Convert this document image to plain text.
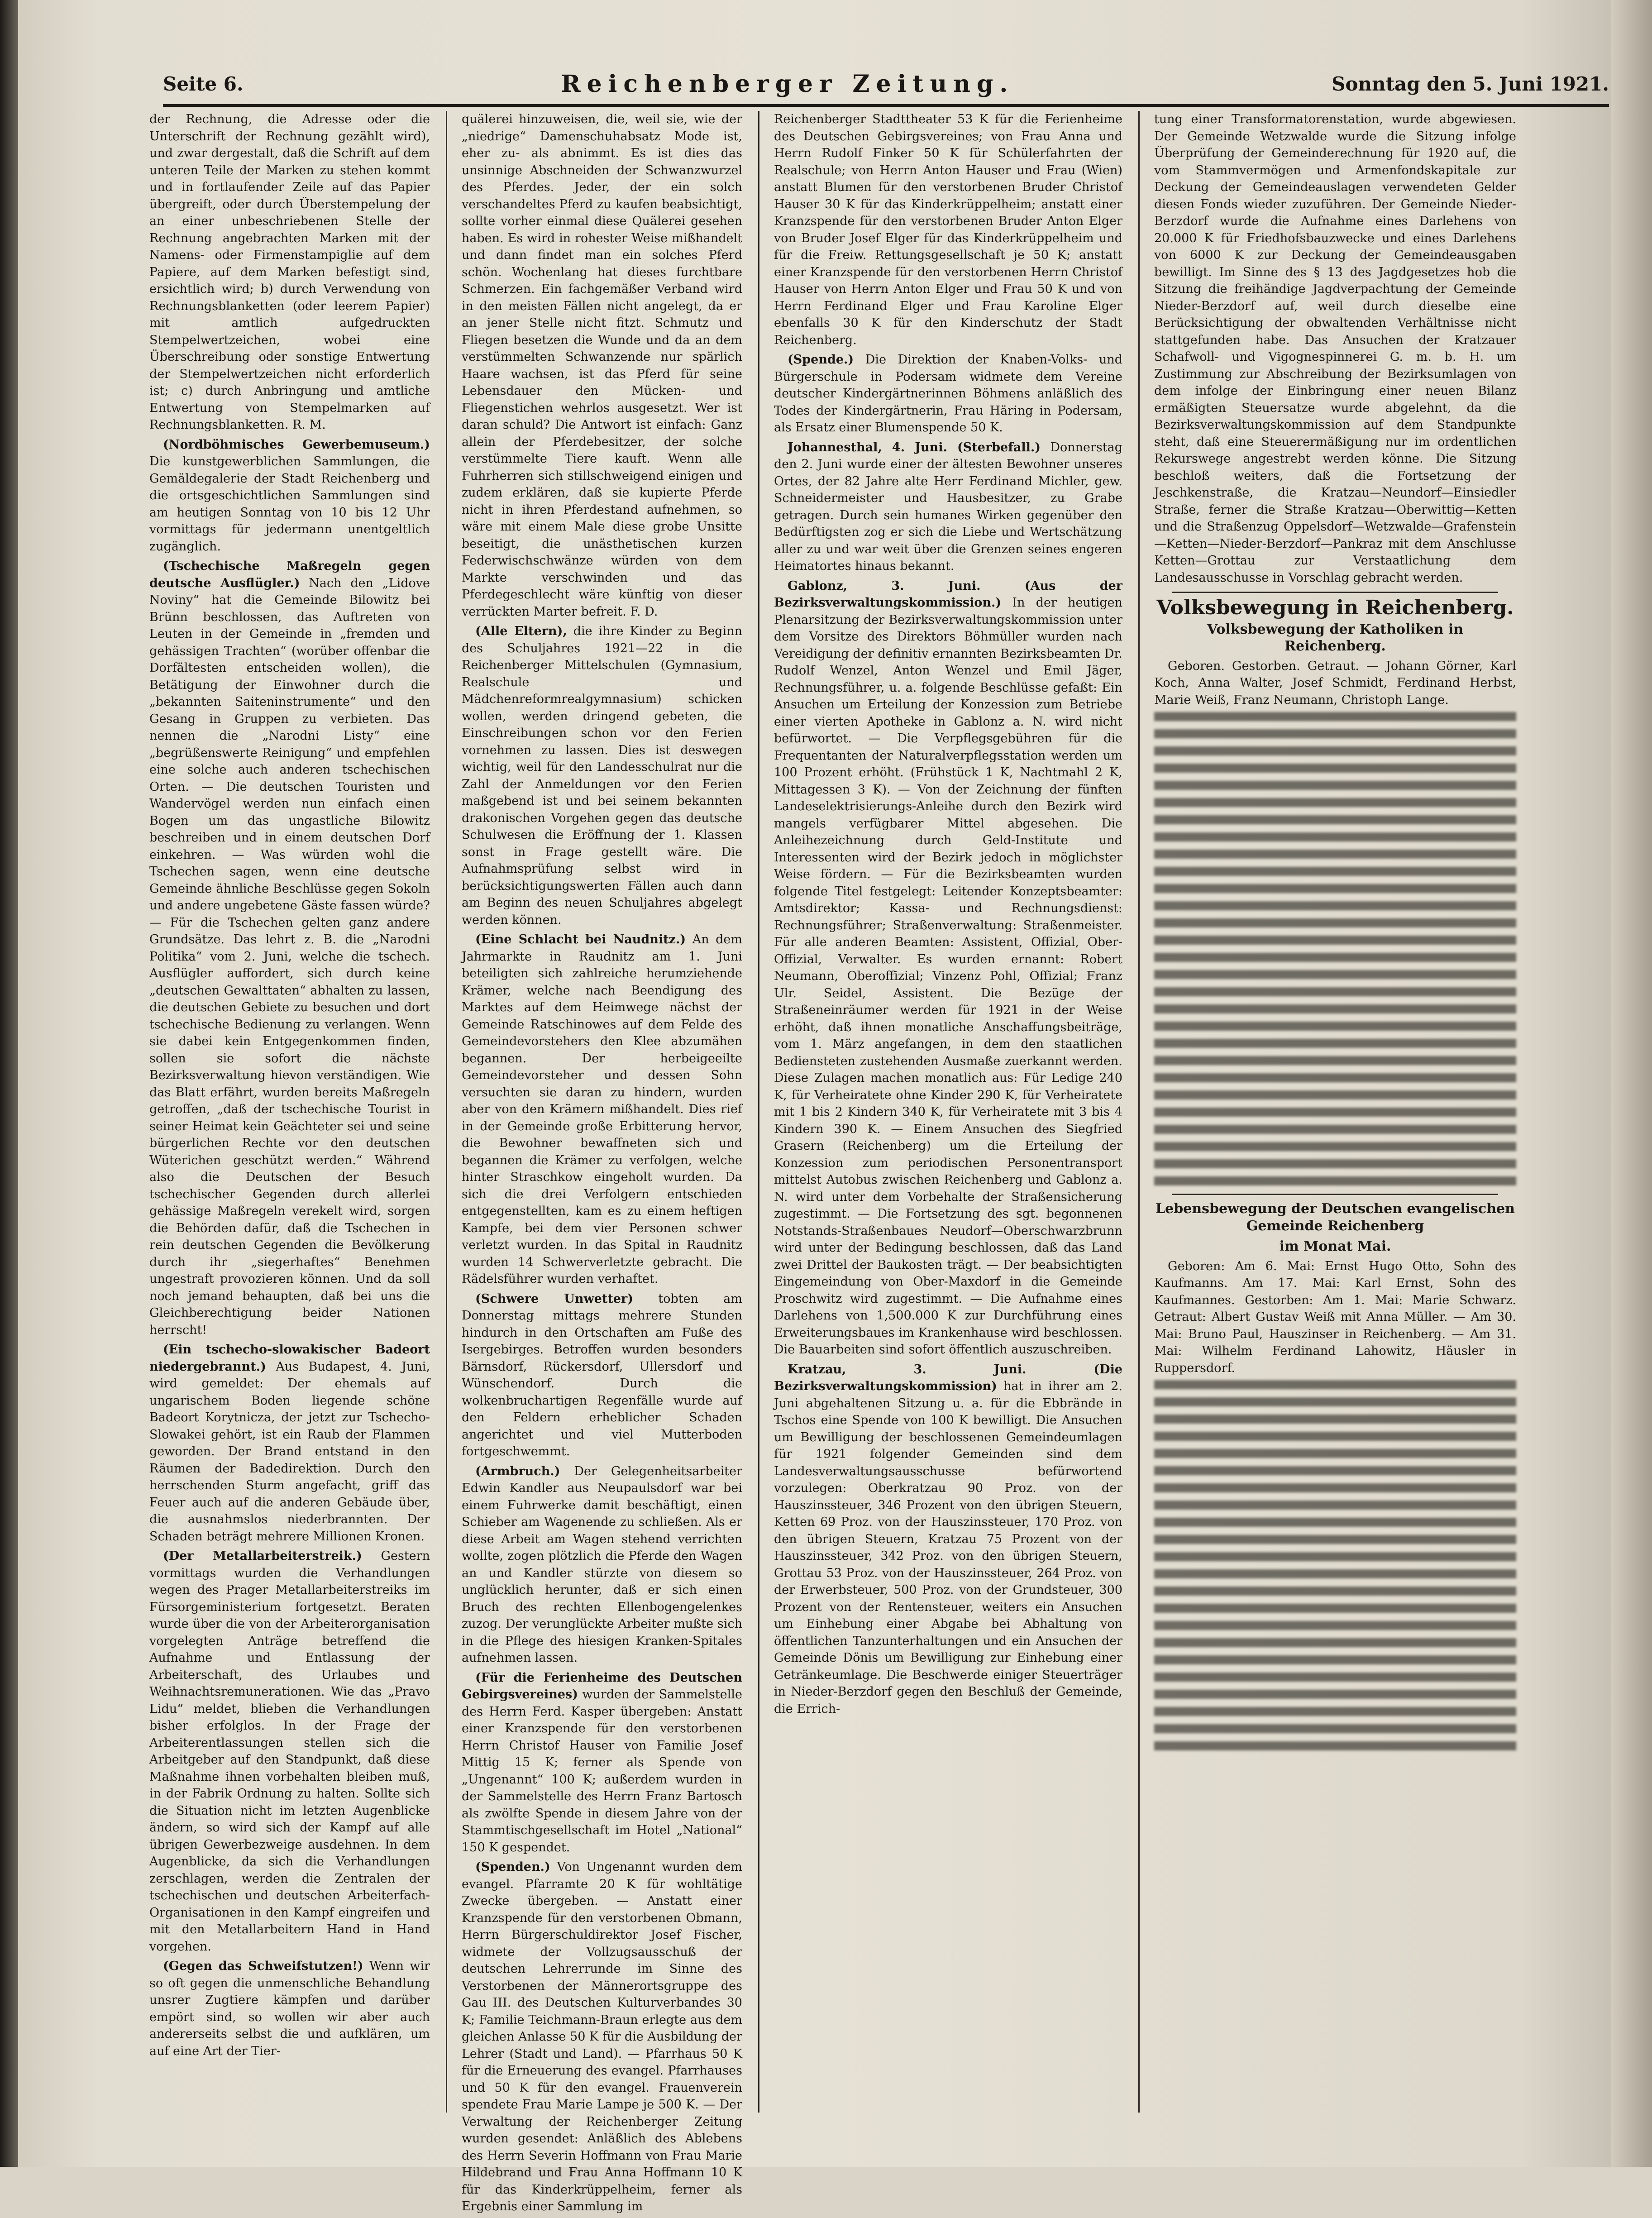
Seite 6.	Reichenberger Zeitung.	Sonntag den 5. Juni 1921.

der Rechnung, die Adresse oder die Unterschrift der Rechnung gezählt wird), und zwar dergestalt, daß die Schrift auf dem unteren Teile der Marken zu stehen kommt und in fortlaufender Zeile auf das Papier übergreift, oder durch Überstempelung der an einer unbeschriebenen Stelle der Rechnung angebrachten Marken mit der Namens- oder Firmenstampiglie auf dem Papiere, auf dem Marken befestigt sind, ersichtlich wird; b) durch Verwendung von Rechnungsblanketten (oder leerem Papier) mit amtlich aufgedruckten Stempelwertzeichen, wobei eine Überschreibung oder sonstige Entwertung der Stempelwertzeichen nicht erforderlich ist; c) durch Anbringung und amtliche Entwertung von Stempelmarken auf Rechnungsblanketten. R. M.

(Nordböhmisches Gewerbemuseum.) Die kunstgewerblichen Sammlungen, die Gemäldegalerie der Stadt Reichenberg und die ortsgeschichtlichen Sammlungen sind am heutigen Sonntag von 10 bis 12 Uhr vormittags für jedermann unentgeltlich zugänglich.

(Tschechische Maßregeln gegen deutsche Ausflügler.) Nach den „Lidove Noviny“ hat die Gemeinde Bilowitz bei Brünn beschlossen, das Auftreten von Leuten in der Gemeinde in „fremden und gehässigen Trachten“ (worüber offenbar die Dorfältesten entscheiden wollen), die Betätigung der Einwohner durch die „bekannten Saiteninstrumente“ und den Gesang in Gruppen zu verbieten. Das nennen die „Narodni Listy“ eine „begrüßenswerte Reinigung“ und empfehlen eine solche auch anderen tschechischen Orten. — Die deutschen Touristen und Wandervögel werden nun einfach einen Bogen um das ungastliche Bilowitz beschreiben und in einem deutschen Dorf einkehren. — Was würden wohl die Tschechen sagen, wenn eine deutsche Gemeinde ähnliche Beschlüsse gegen Sokoln und andere ungebetene Gäste fassen würde? — Für die Tschechen gelten ganz andere Grundsätze. Das lehrt z. B. die „Narodni Politika“ vom 2. Juni, welche die tschech. Ausflügler auffordert, sich durch keine „deutschen Gewalttaten“ abhalten zu lassen, die deutschen Gebiete zu besuchen und dort tschechische Bedienung zu verlangen. Wenn sie dabei kein Entgegenkommen finden, sollen sie sofort die nächste Bezirksverwaltung hievon verständigen. Wie das Blatt erfährt, wurden bereits Maßregeln getroffen, „daß der tschechische Tourist in seiner Heimat kein Geächteter sei und seine bürgerlichen Rechte vor den deutschen Wüterichen geschützt werden.“ Während also die Deutschen der Besuch tschechischer Gegenden durch allerlei gehässige Maßregeln verekelt wird, sorgen die Behörden dafür, daß die Tschechen in rein deutschen Gegenden die Bevölkerung durch ihr „siegerhaftes“ Benehmen ungestraft provozieren können. Und da soll noch jemand behaupten, daß bei uns die Gleichberechtigung beider Nationen herrscht!

(Ein tschecho-slowakischer Badeort niedergebrannt.) Aus Budapest, 4. Juni, wird gemeldet: Der ehemals auf ungarischem Boden liegende schöne Badeort Korytnicza, der jetzt zur Tschecho-Slowakei gehört, ist ein Raub der Flammen geworden. Der Brand entstand in den Räumen der Badedirektion. Durch den herrschenden Sturm angefacht, griff das Feuer auch auf die anderen Gebäude über, die ausnahmslos niederbrannten. Der Schaden beträgt mehrere Millionen Kronen.

(Der Metallarbeiterstreik.) Gestern vormittags wurden die Verhandlungen wegen des Prager Metallarbeiterstreiks im Fürsorgeministerium fortgesetzt. Beraten wurde über die von der Arbeiterorganisation vorgelegten Anträge betreffend die Aufnahme und Entlassung der Arbeiterschaft, des Urlaubes und Weihnachtsremunerationen. Wie das „Pravo Lidu“ meldet, blieben die Verhandlungen bisher erfolglos. In der Frage der Arbeiterentlassungen stellen sich die Arbeitgeber auf den Standpunkt, daß diese Maßnahme ihnen vorbehalten bleiben muß, in der Fabrik Ordnung zu halten. Sollte sich die Situation nicht im letzten Augenblicke ändern, so wird sich der Kampf auf alle übrigen Gewerbezweige ausdehnen. In dem Augenblicke, da sich die Verhandlungen zerschlagen, werden die Zentralen der tschechischen und deutschen Arbeiterfach-Organisationen in den Kampf eingreifen und mit den Metallarbeitern Hand in Hand vorgehen.

(Gegen das Schweifstutzen!) Wenn wir so oft gegen die unmenschliche Behandlung unsrer Zugtiere kämpfen und darüber empört sind, so wollen wir aber auch andererseits selbst die und aufklären, um auf eine Art der Tier-

quälerei hinzuweisen, die, weil sie, wie der „niedrige“ Damenschuhabsatz Mode ist, eher zu- als abnimmt. Es ist dies das unsinnige Abschneiden der Schwanzwurzel des Pferdes. Jeder, der ein solch verschandeltes Pferd zu kaufen beabsichtigt, sollte vorher einmal diese Quälerei gesehen haben. Es wird in rohester Weise mißhandelt und dann findet man ein solches Pferd schön. Wochenlang hat dieses furchtbare Schmerzen. Ein fachgemäßer Verband wird in den meisten Fällen nicht angelegt, da er an jener Stelle nicht fitzt. Schmutz und Fliegen besetzen die Wunde und da an dem verstümmelten Schwanzende nur spärlich Haare wachsen, ist das Pferd für seine Lebensdauer den Mücken- und Fliegenstichen wehrlos ausgesetzt. Wer ist daran schuld? Die Antwort ist einfach: Ganz allein der Pferdebesitzer, der solche verstümmelte Tiere kauft. Wenn alle Fuhrherren sich stillschweigend einigen und zudem erklären, daß sie kupierte Pferde nicht in ihren Pferdestand aufnehmen, so wäre mit einem Male diese grobe Unsitte beseitigt, die unästhetischen kurzen Federwischschwänze würden von dem Markte verschwinden und das Pferdegeschlecht wäre künftig von dieser verrückten Marter befreit. F. D.

(Alle Eltern), die ihre Kinder zu Beginn des Schuljahres 1921—22 in die Reichenberger Mittelschulen (Gymnasium, Realschule und Mädchenreformrealgymnasium) schicken wollen, werden dringend gebeten, die Einschreibungen schon vor den Ferien vornehmen zu lassen. Dies ist deswegen wichtig, weil für den Landesschulrat nur die Zahl der Anmeldungen vor den Ferien maßgebend ist und bei seinem bekannten drakonischen Vorgehen gegen das deutsche Schulwesen die Eröffnung der 1. Klassen sonst in Frage gestellt wäre. Die Aufnahmsprüfung selbst wird in berücksichtigungswerten Fällen auch dann am Beginn des neuen Schuljahres abgelegt werden können.

(Eine Schlacht bei Naudnitz.) An dem Jahrmarkte in Raudnitz am 1. Juni beteiligten sich zahlreiche herumziehende Krämer, welche nach Beendigung des Marktes auf dem Heimwege nächst der Gemeinde Ratschinowes auf dem Felde des Gemeindevorstehers den Klee abzumähen begannen. Der herbeigeeilte Gemeindevorsteher und dessen Sohn versuchten sie daran zu hindern, wurden aber von den Krämern mißhandelt. Dies rief in der Gemeinde große Erbitterung hervor, die Bewohner bewaffneten sich und begannen die Krämer zu verfolgen, welche hinter Straschkow eingeholt wurden. Da sich die drei Verfolgern entschieden entgegenstellten, kam es zu einem heftigen Kampfe, bei dem vier Personen schwer verletzt wurden. In das Spital in Raudnitz wurden 14 Schwerverletzte gebracht. Die Rädelsführer wurden verhaftet.

(Schwere Unwetter) tobten am Donnerstag mittags mehrere Stunden hindurch in den Ortschaften am Fuße des Isergebirges. Betroffen wurden besonders Bärnsdorf, Rückersdorf, Ullersdorf und Wünschendorf. Durch die wolkenbruchartigen Regenfälle wurde auf den Feldern erheblicher Schaden angerichtet und viel Mutterboden fortgeschwemmt.

(Armbruch.) Der Gelegenheitsarbeiter Edwin Kandler aus Neupaulsdorf war bei einem Fuhrwerke damit beschäftigt, einen Schieber am Wagenende zu schließen. Als er diese Arbeit am Wagen stehend verrichten wollte, zogen plötzlich die Pferde den Wagen an und Kandler stürzte von diesem so unglücklich herunter, daß er sich einen Bruch des rechten Ellenbogengelenkes zuzog. Der verunglückte Arbeiter mußte sich in die Pflege des hiesigen Kranken-Spitales aufnehmen lassen.

(Für die Ferienheime des Deutschen Gebirgsvereines) wurden der Sammelstelle des Herrn Ferd. Kasper übergeben: Anstatt einer Kranzspende für den verstorbenen Herrn Christof Hauser von Familie Josef Mittig 15 K; ferner als Spende von „Ungenannt“ 100 K; außerdem wurden in der Sammelstelle des Herrn Franz Bartosch als zwölfte Spende in diesem Jahre von der Stammtischgesellschaft im Hotel „National“ 150 K gespendet.

(Spenden.) Von Ungenannt wurden dem evangel. Pfarramte 20 K für wohltätige Zwecke übergeben. — Anstatt einer Kranzspende für den verstorbenen Obmann, Herrn Bürgerschuldirektor Josef Fischer, widmete der Vollzugsausschuß der deutschen Lehrerrunde im Sinne des Verstorbenen der Männerortsgruppe des Gau III. des Deutschen Kulturverbandes 30 K; Familie Teichmann-Braun erlegte aus dem gleichen Anlasse 50 K für die Ausbildung der Lehrer (Stadt und Land). — Pfarrhaus 50 K für die Erneuerung des evangel. Pfarrhauses und 50 K für den evangel. Frauenverein spendete Frau Marie Lampe je 500 K. — Der Verwaltung der Reichenberger Zeitung wurden gesendet: Anläßlich des Ablebens des Herrn Severin Hoffmann von Frau Marie Hildebrand und Frau Anna Hoffmann 10 K für das Kinderkrüppelheim, ferner als Ergebnis einer Sammlung im

Reichenberger Stadttheater 53 K für die Ferienheime des Deutschen Gebirgsvereines; von Frau Anna und Herrn Rudolf Finker 50 K für Schülerfahrten der Realschule; von Herrn Anton Hauser und Frau (Wien) anstatt Blumen für den verstorbenen Bruder Christof Hauser 30 K für das Kinderkrüppelheim; anstatt einer Kranzspende für den verstorbenen Bruder Anton Elger von Bruder Josef Elger für das Kinderkrüppelheim und für die Freiw. Rettungsgesellschaft je 50 K; anstatt einer Kranzspende für den verstorbenen Herrn Christof Hauser von Herrn Anton Elger und Frau 50 K und von Herrn Ferdinand Elger und Frau Karoline Elger ebenfalls 30 K für den Kinderschutz der Stadt Reichenberg.

(Spende.) Die Direktion der Knaben-Volks- und Bürgerschule in Podersam widmete dem Vereine deutscher Kindergärtnerinnen Böhmens anläßlich des Todes der Kindergärtnerin, Frau Häring in Podersam, als Ersatz einer Blumenspende 50 K.

Johannesthal, 4. Juni. (Sterbefall.) Donnerstag den 2. Juni wurde einer der ältesten Bewohner unseres Ortes, der 82 Jahre alte Herr Ferdinand Michler, gew. Schneidermeister und Hausbesitzer, zu Grabe getragen. Durch sein humanes Wirken gegenüber den Bedürftigsten zog er sich die Liebe und Wertschätzung aller zu und war weit über die Grenzen seines engeren Heimatortes hinaus bekannt.

Gablonz, 3. Juni. (Aus der Bezirksverwaltungskommission.) In der heutigen Plenarsitzung der Bezirksverwaltungskommission unter dem Vorsitze des Direktors Böhmüller wurden nach Vereidigung der definitiv ernannten Bezirksbeamten Dr. Rudolf Wenzel, Anton Wenzel und Emil Jäger, Rechnungsführer, u. a. folgende Beschlüsse gefaßt: Ein Ansuchen um Erteilung der Konzession zum Betriebe einer vierten Apotheke in Gablonz a. N. wird nicht befürwortet. — Die Verpflegsgebühren für die Frequentanten der Naturalverpflegsstation werden um 100 Prozent erhöht. (Frühstück 1 K, Nachtmahl 2 K, Mittagessen 3 K). — Von der Zeichnung der fünften Landeselektrisierungs-Anleihe durch den Bezirk wird mangels verfügbarer Mittel abgesehen. Die Anleihezeichnung durch Geld-Institute und Interessenten wird der Bezirk jedoch in möglichster Weise fördern. — Für die Bezirksbeamten wurden folgende Titel festgelegt: Leitender Konzeptsbeamter: Amtsdirektor; Kassa- und Rechnungsdienst: Rechnungsführer; Straßenverwaltung: Straßenmeister. Für alle anderen Beamten: Assistent, Offizial, Ober-Offizial, Verwalter. Es wurden ernannt: Robert Neumann, Oberoffizial; Vinzenz Pohl, Offizial; Franz Ulr. Seidel, Assistent. Die Bezüge der Straßeneinräumer werden für 1921 in der Weise erhöht, daß ihnen monatliche Anschaffungsbeiträge, vom 1. März angefangen, in dem den staatlichen Bediensteten zustehenden Ausmaße zuerkannt werden. Diese Zulagen machen monatlich aus: Für Ledige 240 K, für Verheiratete ohne Kinder 290 K, für Verheiratete mit 1 bis 2 Kindern 340 K, für Verheiratete mit 3 bis 4 Kindern 390 K. — Einem Ansuchen des Siegfried Grasern (Reichenberg) um die Erteilung der Konzession zum periodischen Personentransport mittelst Autobus zwischen Reichenberg und Gablonz a. N. wird unter dem Vorbehalte der Straßensicherung zugestimmt. — Die Fortsetzung des sgt. begonnenen Notstands-Straßenbaues Neudorf—Oberschwarzbrunn wird unter der Bedingung beschlossen, daß das Land zwei Drittel der Baukosten trägt. — Der beabsichtigten Eingemeindung von Ober-Maxdorf in die Gemeinde Proschwitz wird zugestimmt. — Die Aufnahme eines Darlehens von 1,500.000 K zur Durchführung eines Erweiterungsbaues im Krankenhause wird beschlossen. Die Bauarbeiten sind sofort öffentlich auszuschreiben.

Kratzau, 3. Juni. (Die Bezirksverwaltungskommission) hat in ihrer am 2. Juni abgehaltenen Sitzung u. a. für die Ebbrände in Tschos eine Spende von 100 K bewilligt. Die Ansuchen um Bewilligung der beschlossenen Gemeindeumlagen für 1921 folgender Gemeinden sind dem Landesverwaltungsausschusse befürwortend vorzulegen: Oberkratzau 90 Proz. von der Hauszinssteuer, 346 Prozent von den übrigen Steuern, Ketten 69 Proz. von der Hauszinssteuer, 170 Proz. von den übrigen Steuern, Kratzau 75 Prozent von der Hauszinssteuer, 342 Proz. von den übrigen Steuern, Grottau 53 Proz. von der Hauszinssteuer, 264 Proz. von der Erwerbsteuer, 500 Proz. von der Grundsteuer, 300 Prozent von der Rentensteuer, weiters ein Ansuchen um Einhebung einer Abgabe bei Abhaltung von öffentlichen Tanzunterhaltungen und ein Ansuchen der Gemeinde Dönis um Bewilligung zur Einhebung einer Getränkeumlage. Die Beschwerde einiger Steuerträger in Nieder-Berzdorf gegen den Beschluß der Gemeinde, die Errich-

tung einer Transformatorenstation, wurde abgewiesen. Der Gemeinde Wetzwalde wurde die Sitzung infolge Überprüfung der Gemeinderechnung für 1920 auf, die vom Stammvermögen und Armenfondskapitale zur Deckung der Gemeindeauslagen verwendeten Gelder diesen Fonds wieder zuzuführen. Der Gemeinde Nieder-Berzdorf wurde die Aufnahme eines Darlehens von 20.000 K für Friedhofsbauzwecke und eines Darlehens von 6000 K zur Deckung der Gemeindeausgaben bewilligt. Im Sinne des § 13 des Jagdgesetzes hob die Sitzung die freihändige Jagdverpachtung der Gemeinde Nieder-Berzdorf auf, weil durch dieselbe eine Berücksichtigung der obwaltenden Verhältnisse nicht stattgefunden habe. Das Ansuchen der Kratzauer Schafwoll- und Vigognespinnerei G. m. b. H. um Zustimmung zur Abschreibung der Bezirksumlagen von dem infolge der Einbringung einer neuen Bilanz ermäßigten Steuersatze wurde abgelehnt, da die Bezirksverwaltungskommission auf dem Standpunkte steht, daß eine Steuerermäßigung nur im ordentlichen Rekurswege angestrebt werden könne. Die Sitzung beschloß weiters, daß die Fortsetzung der Jeschkenstraße, die Kratzau—Neundorf—Einsiedler Straße, ferner die Straße Kratzau—Oberwittig—Ketten und die Straßenzug Oppelsdorf—Wetzwalde—Grafenstein—Ketten—Nieder-Berzdorf—Pankraz mit dem Anschlusse Ketten—Grottau zur Verstaatlichung dem Landesausschusse in Vorschlag gebracht werden.

Volksbewegung in Reichenberg.
Volksbewegung der Katholiken in Reichenberg.

Geboren. Gestorben. Getraut. — Johann Görner, Karl Koch, Anna Walter, Josef Schmidt, Ferdinand Herbst, Marie Weiß, Franz Neumann, Christoph Lange.

Lebensbewegung der Deutschen evangelischen Gemeinde Reichenberg
im Monat Mai.

Geboren: Am 6. Mai: Ernst Hugo Otto, Sohn des Kaufmanns. Am 17. Mai: Karl Ernst, Sohn des Kaufmannes. Gestorben: Am 1. Mai: Marie Schwarz. Getraut: Albert Gustav Weiß mit Anna Müller. — Am 30. Mai: Bruno Paul, Hauszinser in Reichenberg. — Am 31. Mai: Wilhelm Ferdinand Lahowitz, Häusler in Ruppersdorf.
